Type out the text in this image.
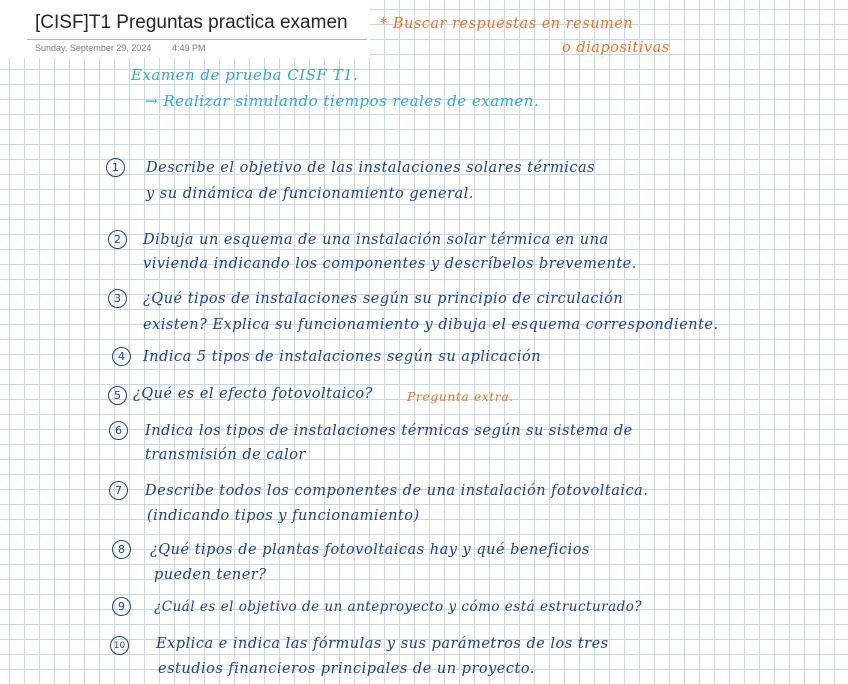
[CISF]T1 Preguntas practica examen
Sunday, September 29, 2024 4:49 PM
* Buscar respuestas en resumen
o diapositivas
Examen de prueba CISF T1.
→ Realizar simulando tiempos reales de examen.
1	Describe el objetivo de las instalaciones solares térmicas
y su dinámica de funcionamiento general.
2	Dibuja un esquema de una instalación solar térmica en una
vivienda indicando los componentes y descríbelos brevemente.
3	¿Qué tipos de instalaciones según su principio de circulación
existen? Explica su funcionamiento y dibuja el esquema correspondiente.
4	Indica 5 tipos de instalaciones según su aplicación
5 ¿Qué es el efecto fotovoltaico?	Pregunta extra.
6	Indica los tipos de instalaciones térmicas según su sistema de
transmisión de calor
7	Describe todos los componentes de una instalación fotovoltaica.
(indicando tipos y funcionamiento)
8	¿Qué tipos de plantas fotovoltaicas hay y qué beneficios
pueden tener?
9	¿Cuál es el objetivo de un anteproyecto y cómo está estructurado?
10 Explica e indica las fórmulas y sus parámetros de los tres
estudios financieros principales de un proyecto.
